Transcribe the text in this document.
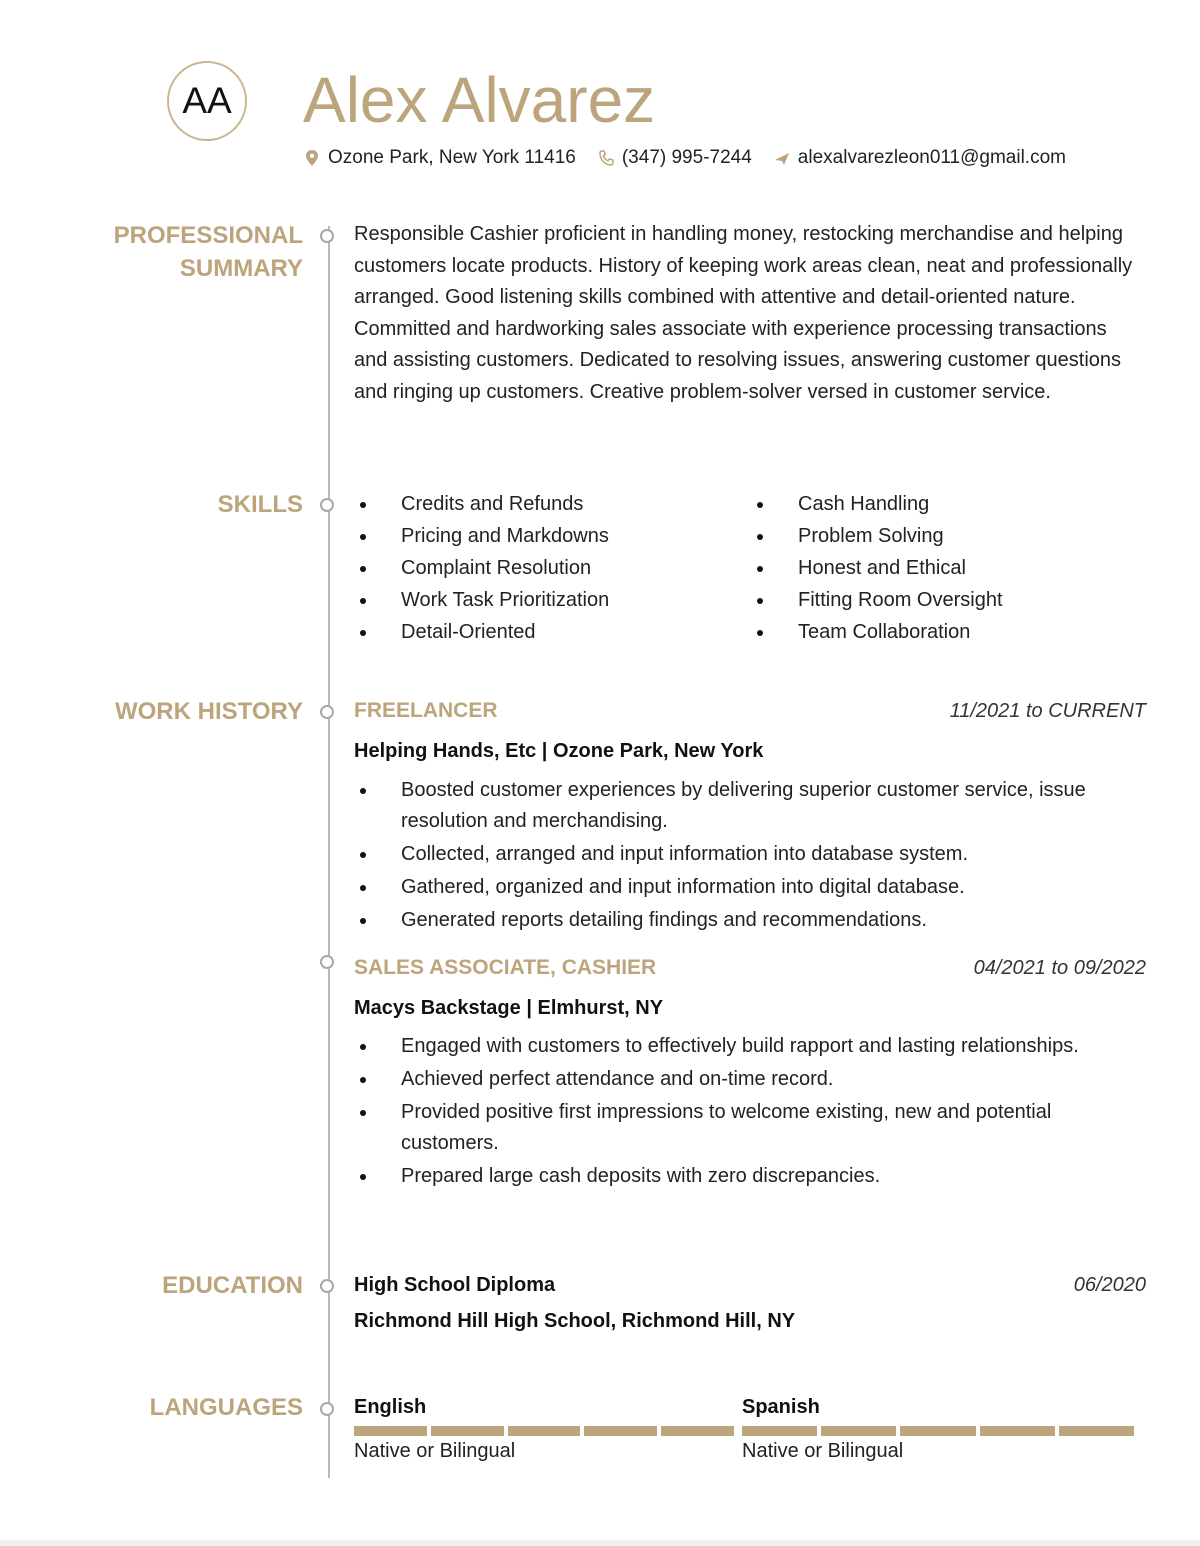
AA Alex Alvarez
Ozone Park, New York 11416 (347) 995-7244 alexalvarezleon011@gmail.com
PROFESSIONAL
SUMMARY

Responsible Cashier proficient in handling money, restocking merchandise and helping customers locate products. History of keeping work areas clean, neat and professionally arranged. Good listening skills combined with attentive and detail-oriented nature. Committed and hardworking sales associate with experience processing transactions and assisting customers. Dedicated to resolving issues, answering customer questions and ringing up customers. Creative problem-solver versed in customer service.

SKILLS	Credits and Refunds
Pricing and Markdowns
Complaint Resolution
Work Task Prioritization
Detail-Oriented
Cash Handling
Problem Solving
Honest and Ethical
Fitting Room Oversight
Team Collaboration
WORK HISTORY FREELANCER	11/2021 to CURRENT
Helping Hands, Etc | Ozone Park, New York
Boosted customer experiences by delivering superior customer service, issue resolution and merchandising.
Collected, arranged and input information into database system.
Gathered, organized and input information into digital database.
Generated reports detailing findings and recommendations.
SALES ASSOCIATE, CASHIER	04/2021 to 09/2022
Macys Backstage | Elmhurst, NY
Engaged with customers to effectively build rapport and lasting relationships.
Achieved perfect attendance and on-time record.
Provided positive first impressions to welcome existing, new and potential customers.
Prepared large cash deposits with zero discrepancies.
EDUCATION	High School Diploma	06/2020
Richmond Hill High School, Richmond Hill, NY
LANGUAGES	English
Native or Bilingual
Spanish
Native or Bilingual
